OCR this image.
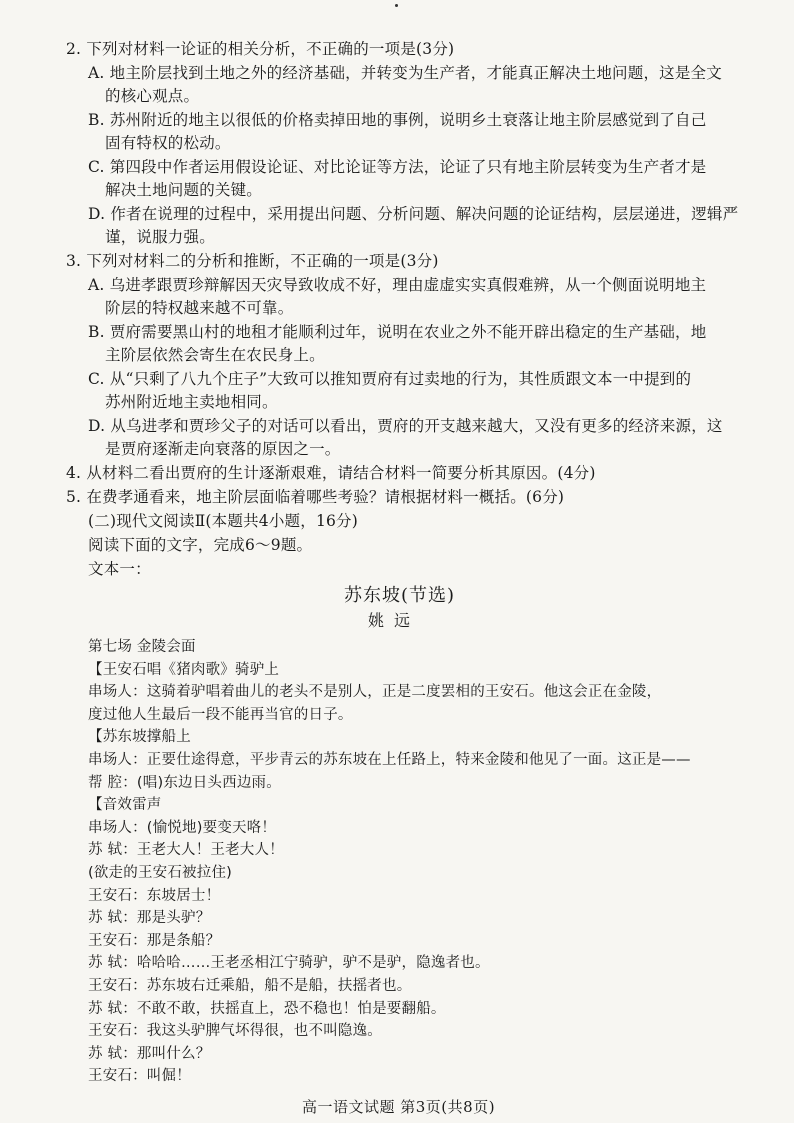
2. 下列对材料一论证的相关分析，不正确的一项是(3分)
A. 地主阶层找到土地之外的经济基础，并转变为生产者，才能真正解决土地问题，这是全文
的核心观点。
B. 苏州附近的地主以很低的价格卖掉田地的事例，说明乡土衰落让地主阶层感觉到了自己
固有特权的松动。
C. 第四段中作者运用假设论证、对比论证等方法，论证了只有地主阶层转变为生产者才是
解决土地问题的关键。
D. 作者在说理的过程中，采用提出问题、分析问题、解决问题的论证结构，层层递进，逻辑严
谨，说服力强。
3. 下列对材料二的分析和推断，不正确的一项是(3分)
A. 乌进孝跟贾珍辩解因天灾导致收成不好，理由虚虚实实真假难辨，从一个侧面说明地主
阶层的特权越来越不可靠。
B. 贾府需要黑山村的地租才能顺利过年，说明在农业之外不能开辟出稳定的生产基础，地
主阶层依然会寄生在农民身上。
C. 从“只剩了八九个庄子”大致可以推知贾府有过卖地的行为，其性质跟文本一中提到的
苏州附近地主卖地相同。
D. 从乌进孝和贾珍父子的对话可以看出，贾府的开支越来越大，又没有更多的经济来源，这
是贾府逐渐走向衰落的原因之一。
4. 从材料二看出贾府的生计逐渐艰难，请结合材料一简要分析其原因。(4分)
5. 在费孝通看来，地主阶层面临着哪些考验？请根据材料一概括。(6分)
(二)现代文阅读Ⅱ(本题共4小题，16分)
阅读下面的文字，完成6～9题。
文本一：
苏东坡(节选)
姚远
第七场 金陵会面
【王安石唱《猪肉歌》骑驴上
串场人：这骑着驴唱着曲儿的老头不是别人，正是二度罢相的王安石。他这会正在金陵，
度过他人生最后一段不能再当官的日子。
【苏东坡撑船上
串场人：正要仕途得意，平步青云的苏东坡在上任路上，特来金陵和他见了一面。这正是——
帮 腔：(唱)东边日头西边雨。
【音效雷声
串场人：(愉悦地)要变天咯！
苏 轼：王老大人！王老大人！
(欲走的王安石被拉住)
王安石：东坡居士！
苏 轼：那是头驴？
王安石：那是条船？
苏 轼：哈哈哈……王老丞相江宁骑驴，驴不是驴，隐逸者也。
王安石：苏东坡右迁乘船，船不是船，扶摇者也。
苏 轼：不敢不敢，扶摇直上，恐不稳也！怕是要翻船。
王安石：我这头驴脾气坏得很，也不叫隐逸。
苏 轼：那叫什么？
王安石：叫倔！
高一语文试题 第3页(共8页)
